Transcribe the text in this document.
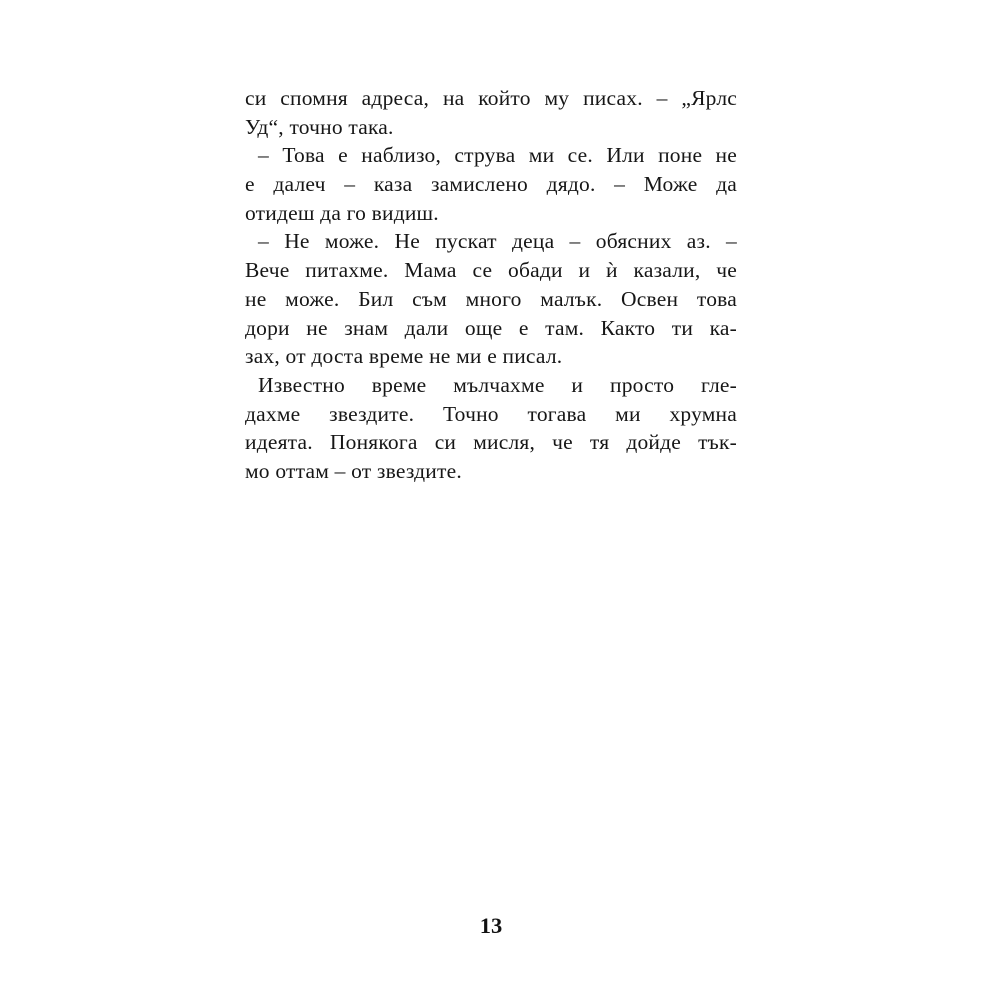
си спомня адреса, на който му писах. – „Ярлс
Уд“, точно така.
– Това е наблизо, струва ми се. Или поне не
е далеч – каза замислено дядо. – Може да
отидеш да го видиш.
– Не може. Не пускат деца – обясних аз. –
Вече питахме. Мама се обади и ѝ казали, че
не може. Бил съм много малък. Освен това
дори не знам дали още е там. Както ти ка-
зах, от доста време не ми е писал.
Известно време мълчахме и просто гле-
дахме звездите. Точно тогава ми хрумна
идеята. Понякога си мисля, че тя дойде тък-
мо оттам – от звездите.
13
